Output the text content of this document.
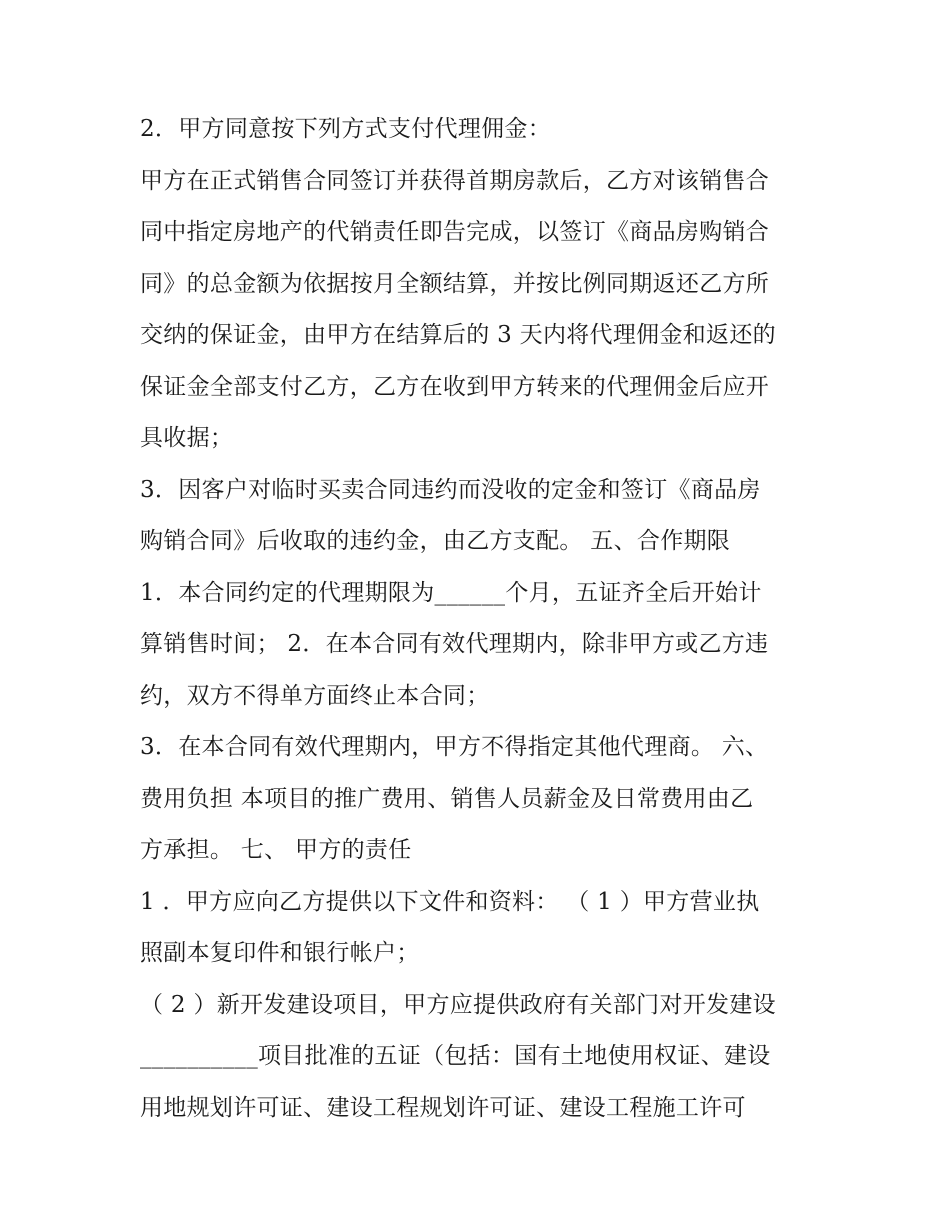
2．甲方同意按下列方式支付代理佣金：
甲方在正式销售合同签订并获得首期房款后，乙方对该销售合
同中指定房地产的代销责任即告完成，以签订《商品房购销合
同》的总金额为依据按月全额结算，并按比例同期返还乙方所
交纳的保证金，由甲方在结算后的 3 天内将代理佣金和返还的
保证金全部支付乙方，乙方在收到甲方转来的代理佣金后应开
具收据；
3．因客户对临时买卖合同违约而没收的定金和签订《商品房
购销合同》后收取的违约金，由乙方支配。 五、合作期限
1．本合同约定的代理期限为______个月，五证齐全后开始计
算销售时间； 2．在本合同有效代理期内，除非甲方或乙方违
约，双方不得单方面终止本合同；
3．在本合同有效代理期内，甲方不得指定其他代理商。 六、
费用负担 本项目的推广费用、销售人员薪金及日常费用由乙
方承担。 七、 甲方的责任
1 ．甲方应向乙方提供以下文件和资料： （ 1 ）甲方营业执
照副本复印件和银行帐户；
（ 2 ）新开发建设项目，甲方应提供政府有关部门对开发建设
__________项目批准的五证（包括：国有土地使用权证、建设
用地规划许可证、建设工程规划许可证、建设工程施工许可
